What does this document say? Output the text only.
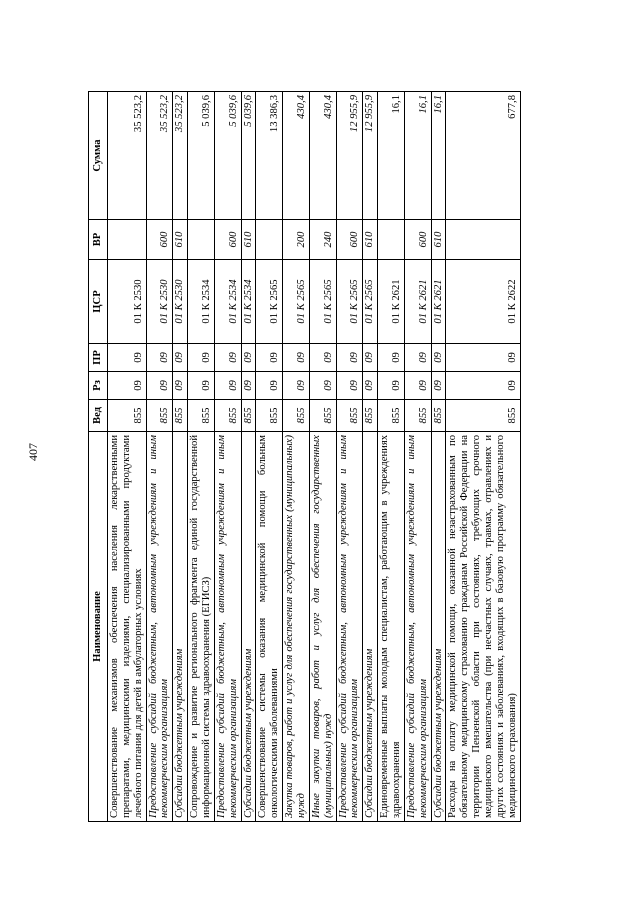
407
Наименование	Вед	Рз	ПР	ЦСР	ВР	Сумма
Совершенствование механизмов обеспечения населения лекарственными препаратами, медицинскими изделиями, специализированными продуктами лечебного питания для детей в амбулаторных условиях	855	09	09	01 К 2530		35 523,2
Предоставление субсидий бюджетным, автономным учреждениям и иным некоммерческим организациям	855	09	09	01 К 2530	600	35 523,2
Субсидии бюджетным учреждениям	855	09	09	01 К 2530	610	35 523,2
Сопровождение и развитие регионального фрагмента единой государственной информационной системы здравоохранения (ЕГИСЗ)	855	09	09	01 К 2534		5 039,6
Предоставление субсидий бюджетным, автономным учреждениям и иным некоммерческим организациям	855	09	09	01 К 2534	600	5 039,6
Субсидии бюджетным учреждениям	855	09	09	01 К 2534	610	5 039,6
Совершенствование системы оказания медицинской помощи больным онкологическими заболеваниями	855	09	09	01 К 2565		13 386,3
Закупка товаров, работ и услуг для обеспечения государственных (муниципальных) нужд	855	09	09	01 К 2565	200	430,4
Иные закупки товаров, работ и услуг для обеспечения государственных (муниципальных) нужд	855	09	09	01 К 2565	240	430,4
Предоставление субсидий бюджетным, автономным учреждениям и иным некоммерческим организациям	855	09	09	01 К 2565	600	12 955,9
Субсидии бюджетным учреждениям	855	09	09	01 К 2565	610	12 955,9
Единовременные выплаты молодым специалистам, работающим в учреждениях здравоохранения	855	09	09	01 К 2621		16,1
Предоставление субсидий бюджетным, автономным учреждениям и иным некоммерческим организациям	855	09	09	01 К 2621	600	16,1
Субсидии бюджетным учреждениям	855	09	09	01 К 2621	610	16,1
Расходы на оплату медицинской помощи, оказанной незастрахованным по обязательному медицинскому страхованию гражданам Российской Федерации на территории Пензенской области при состояниях, требующих срочного медицинского вмешательства (при несчастных случаях, травмах, отравлениях и других состояниях и заболеваниях, входящих в базовую программу обязательного медицинского страхования)	855	09	09	01 К 2622		677,8
